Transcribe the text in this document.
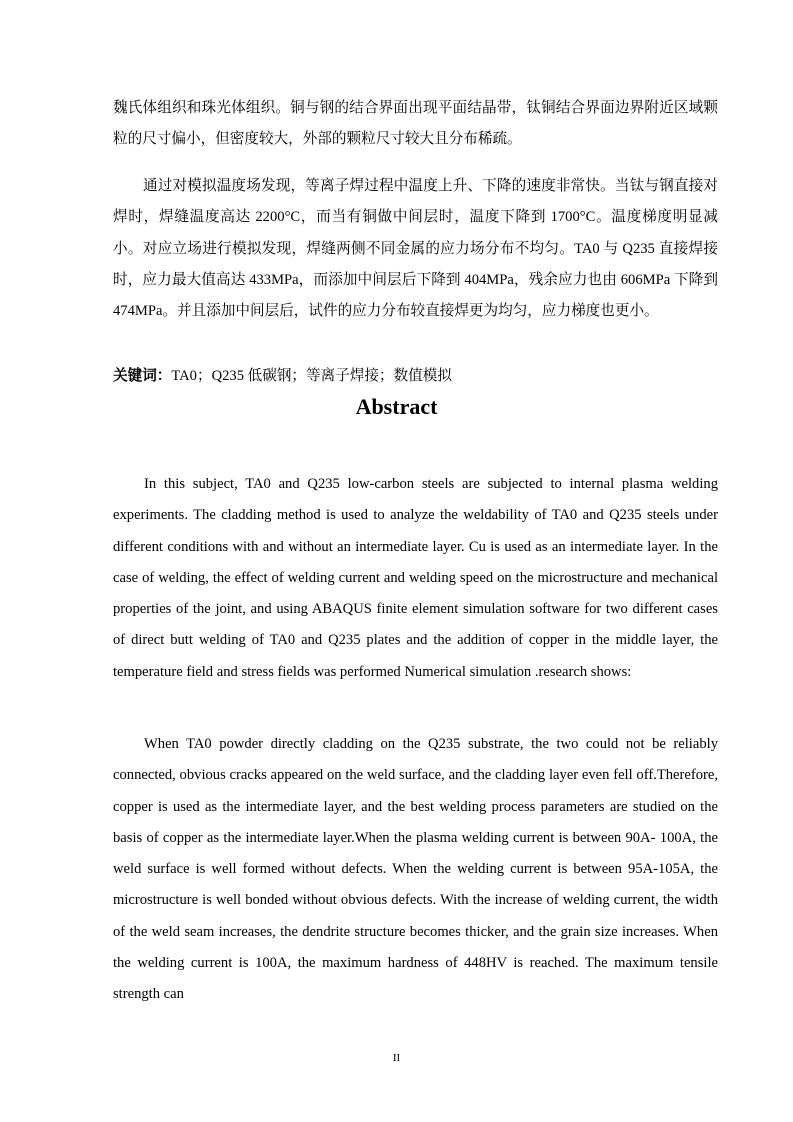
魏氏体组织和珠光体组织。铜与钢的结合界面出现平面结晶带，钛铜结合界面边界附近区域颗粒的尺寸偏小，但密度较大，外部的颗粒尺寸较大且分布稀疏。

通过对模拟温度场发现，等离子焊过程中温度上升、下降的速度非常快。当钛与钢直接对焊时，焊缝温度高达 2200°C，而当有铜做中间层时，温度下降到 1700°C。温度梯度明显减小。对应立场进行模拟发现，焊缝两侧不同金属的应力场分布不均匀。TA0 与 Q235 直接焊接时，应力最大值高达 433MPa，而添加中间层后下降到 404MPa，残余应力也由 606MPa 下降到 474MPa。并且添加中间层后，试件的应力分布较直接焊更为均匀，应力梯度也更小。

关键词：TA0；Q235 低碳钢；等离子焊接；数值模拟

Abstract

In this subject, TA0 and Q235 low-carbon steels are subjected to internal plasma welding experiments. The cladding method is used to analyze the weldability of TA0 and Q235 steels under different conditions with and without an intermediate layer. Cu is used as an intermediate layer. In the case of welding, the effect of welding current and welding speed on the microstructure and mechanical properties of the joint, and using ABAQUS finite element simulation software for two different cases of direct butt welding of TA0 and Q235 plates and the addition of copper in the middle layer, the temperature field and stress fields was performed Numerical simulation .research shows:

When TA0 powder directly cladding on the Q235 substrate, the two could not be reliably connected, obvious cracks appeared on the weld surface, and the cladding layer even fell off.Therefore, copper is used as the intermediate layer, and the best welding process parameters are studied on the basis of copper as the intermediate layer.When the plasma welding current is between 90A- 100A, the weld surface is well formed without defects. When the welding current is between 95A-105A, the microstructure is well bonded without obvious defects. With the increase of welding current, the width of the weld seam increases, the dendrite structure becomes thicker, and the grain size increases. When the welding current is 100A, the maximum hardness of 448HV is reached. The maximum tensile strength can

II
